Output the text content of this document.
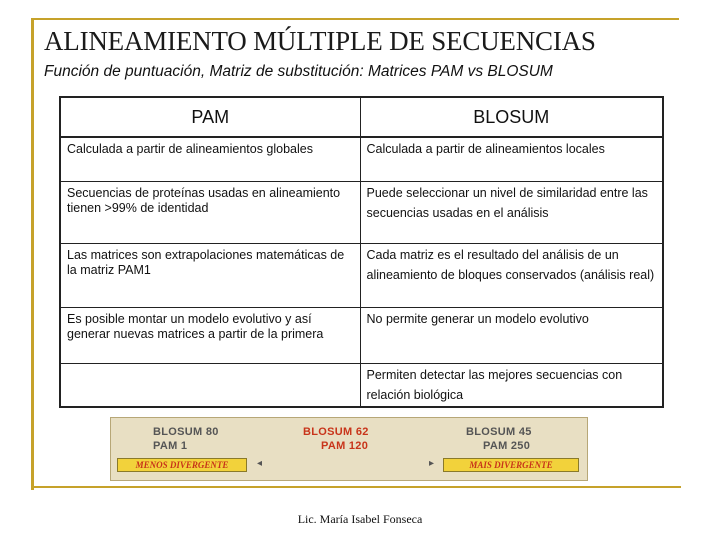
ALINEAMIENTO MÚLTIPLE DE SECUENCIAS
Función de puntuación, Matriz de substitución: Matrices PAM vs BLOSUM
PAM	BLOSUM
Calculada a partir de alineamientos globales	Calculada a partir de alineamientos locales
Secuencias de proteínas usadas en alineamiento tienen >99% de identidad	Puede seleccionar un nivel de similaridad entre las secuencias usadas en el análisis
Las matrices son extrapolaciones matemáticas de la matriz PAM1	Cada matriz es el resultado del análisis de un alineamiento de bloques conservados (análisis real)
Es posible montar un modelo evolutivo y así generar nuevas matrices a partir de la primera	No permite generar un modelo evolutivo
	Permiten detectar las mejores secuencias con relación biológica
BLOSUM 80
PAM 1
BLOSUM 62
PAM 120
BLOSUM 45
PAM 250
MENOS DIVERGENTE	◂	▸	MAIS DIVERGENTE
Lic. María Isabel Fonseca
